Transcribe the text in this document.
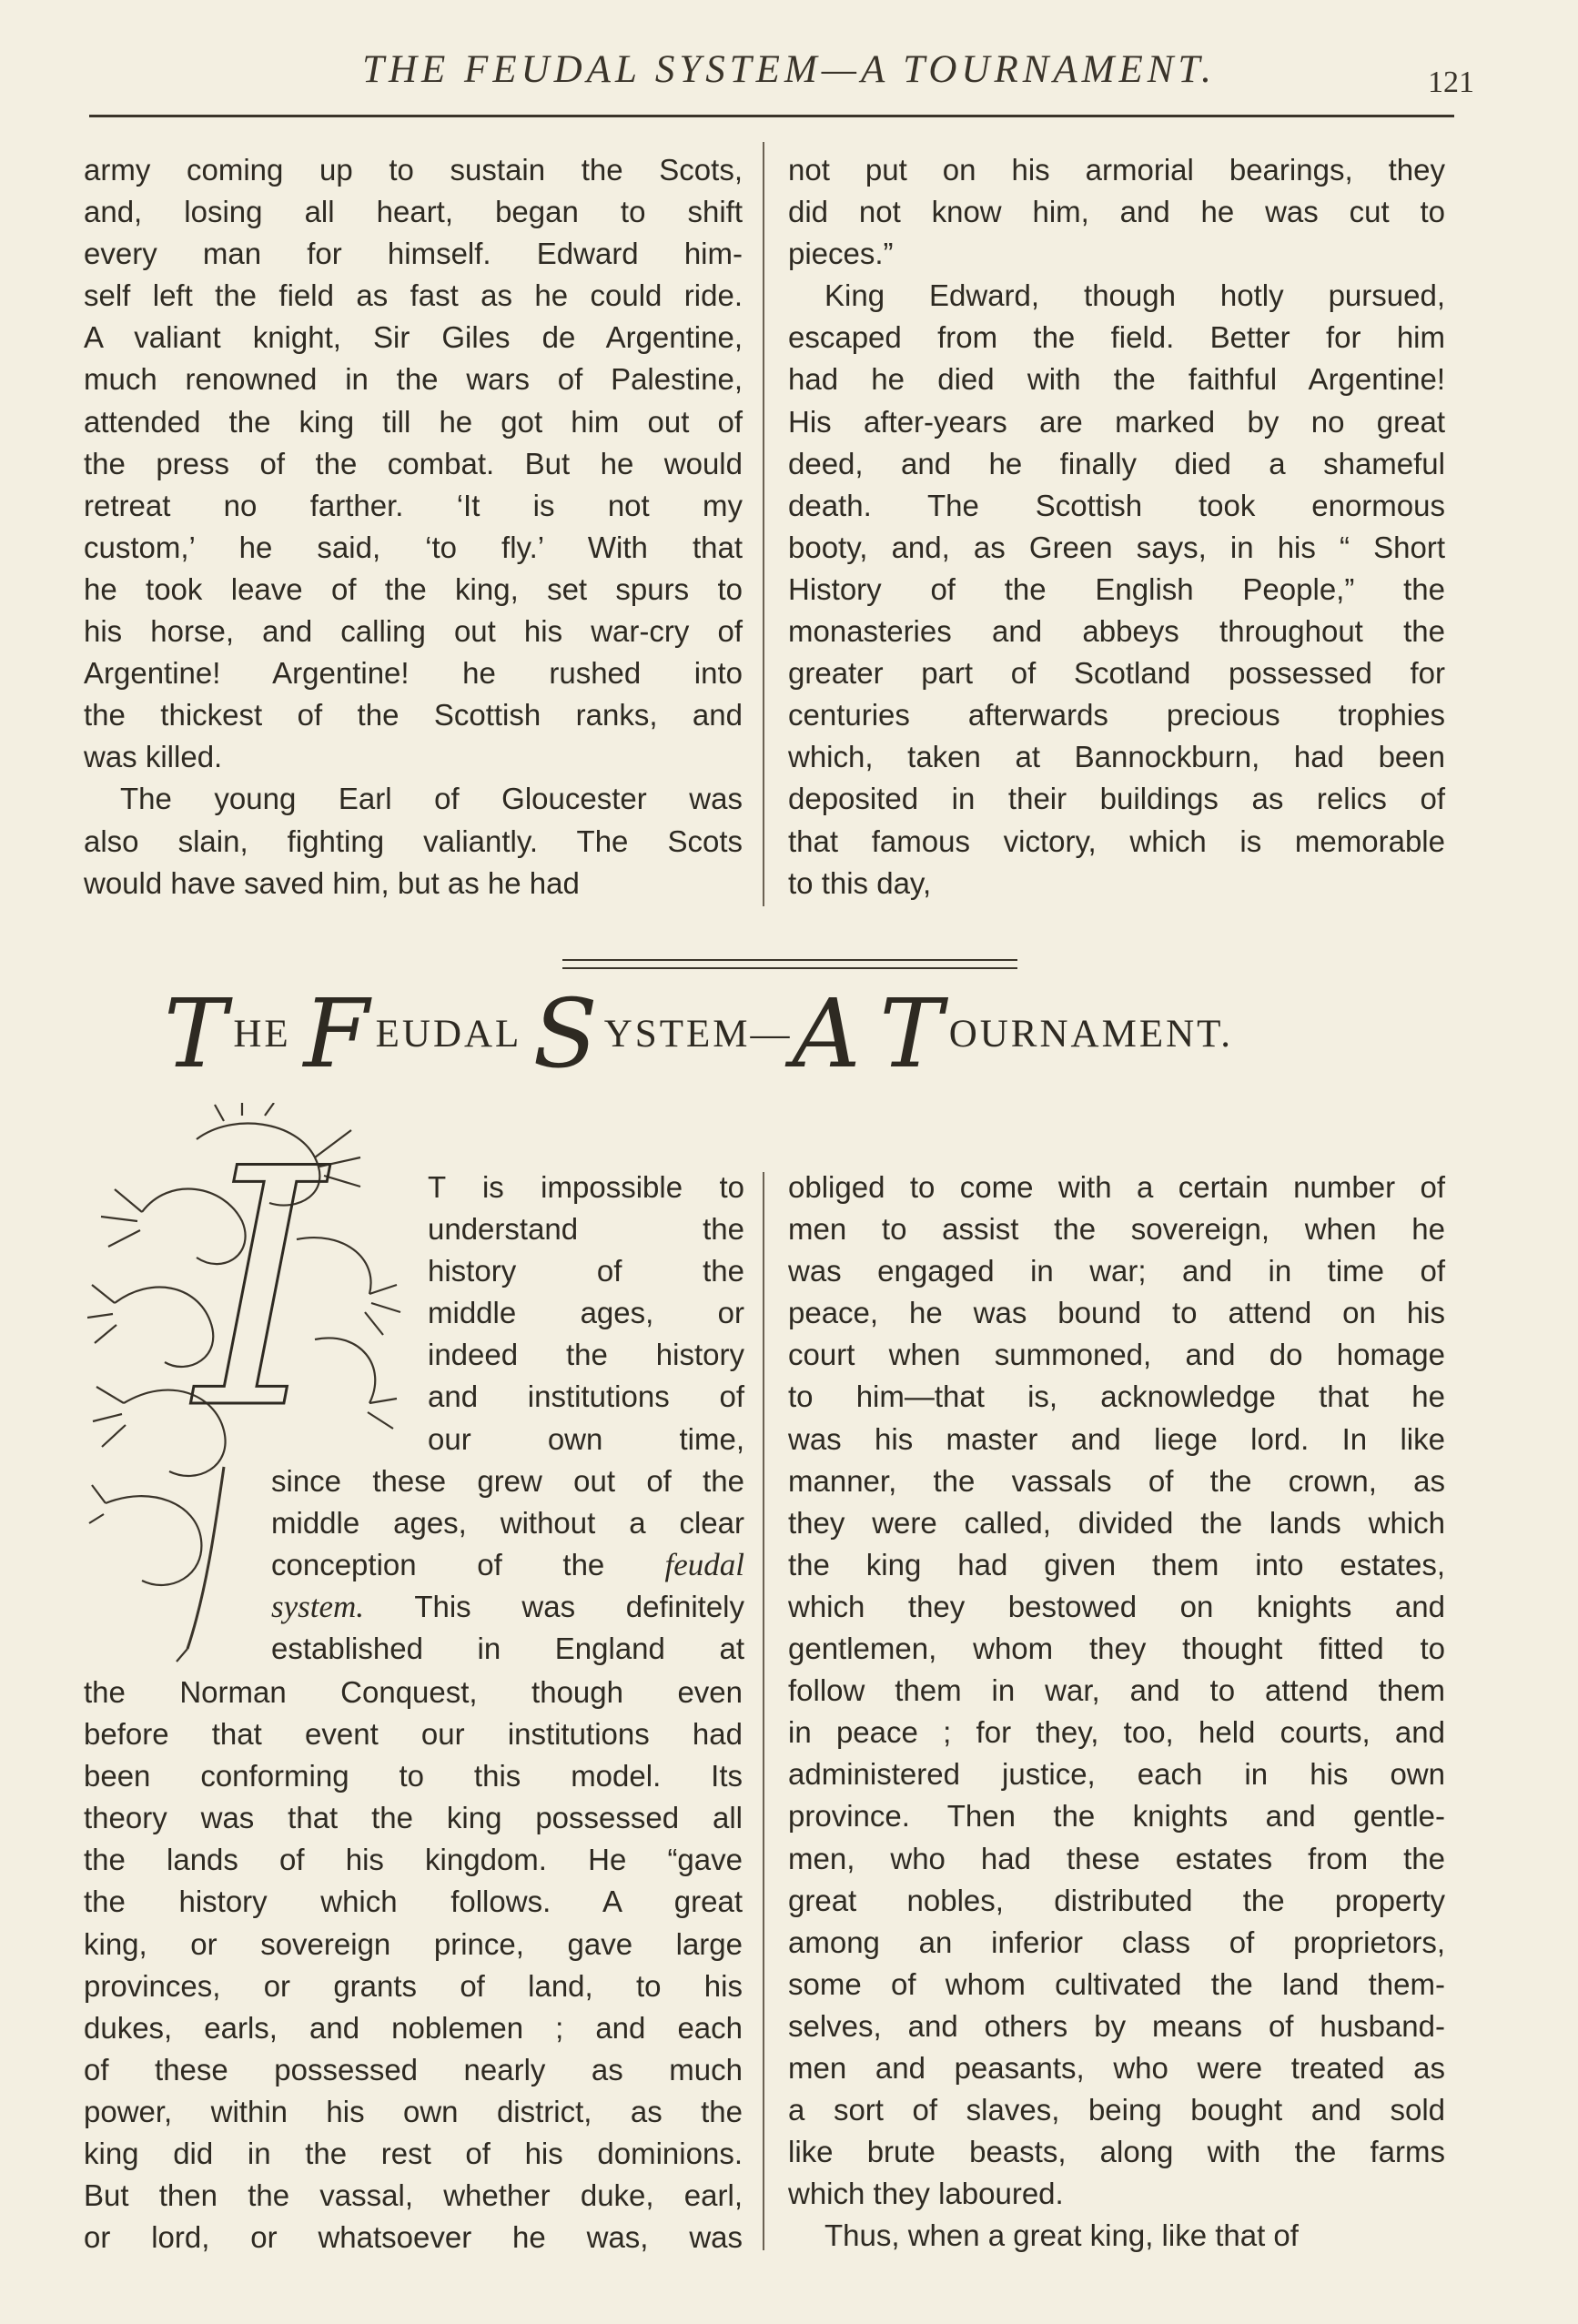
THE FEUDAL SYSTEM—A TOURNAMENT.	121
army coming up to sustain the Scots,
and, losing all heart, began to shift
every man for himself. Edward him-
self left the field as fast as he could ride.
A valiant knight, Sir Giles de Argentine,
much renowned in the wars of Palestine,
attended the king till he got him out of
the press of the combat. But he would
retreat no farther. ‘It is not my
custom,’ he said, ‘to fly.’ With that
he took leave of the king, set spurs to
his horse, and calling out his war-cry of
Argentine! Argentine! he rushed into
the thickest of the Scottish ranks, and
was killed.
The young Earl of Gloucester was
also slain, fighting valiantly. The Scots
would have saved him, but as he had
not put on his armorial bearings, they
did not know him, and he was cut to
pieces.”
King Edward, though hotly pursued,
escaped from the field. Better for him
had he died with the faithful Argentine!
His after-years are marked by no great
deed, and he finally died a shameful
death. The Scottish took enormous
booty, and, as Green says, in his “ Short
History of the English People,” the
monasteries and abbeys throughout the
greater part of Scotland possessed for
centuries afterwards precious trophies
which, taken at Bannockburn, had been
deposited in their buildings as relics of
that famous victory, which is memorable
to this day,
THE FEUDAL SYSTEM—A TOURNAMENT.
I	T is impossible to
understand the
history of the
middle ages, or
indeed the history
and institutions of
our own time,
since these grew out of the
middle ages, without a clear
conception of the feudal
system. This was definitely
established in England at
the Norman Conquest, though even
before that event our institutions had
been conforming to this model. Its
theory was that the king possessed all
the lands of his kingdom. He “gave
the history which follows. A great
king, or sovereign prince, gave large
provinces, or grants of land, to his
dukes, earls, and noblemen ; and each
of these possessed nearly as much
power, within his own district, as the
king did in the rest of his dominions.
But then the vassal, whether duke, earl,
or lord, or whatsoever he was, was
obliged to come with a certain number of
men to assist the sovereign, when he
was engaged in war; and in time of
peace, he was bound to attend on his
court when summoned, and do homage
to him—that is, acknowledge that he
was his master and liege lord. In like
manner, the vassals of the crown, as
they were called, divided the lands which
the king had given them into estates,
which they bestowed on knights and
gentlemen, whom they thought fitted to
follow them in war, and to attend them
in peace ; for they, too, held courts, and
administered justice, each in his own
province. Then the knights and gentle-
men, who had these estates from the
great nobles, distributed the property
among an inferior class of proprietors,
some of whom cultivated the land them-
selves, and others by means of husband-
men and peasants, who were treated as
a sort of slaves, being bought and sold
like brute beasts, along with the farms
which they laboured.
Thus, when a great king, like that of
